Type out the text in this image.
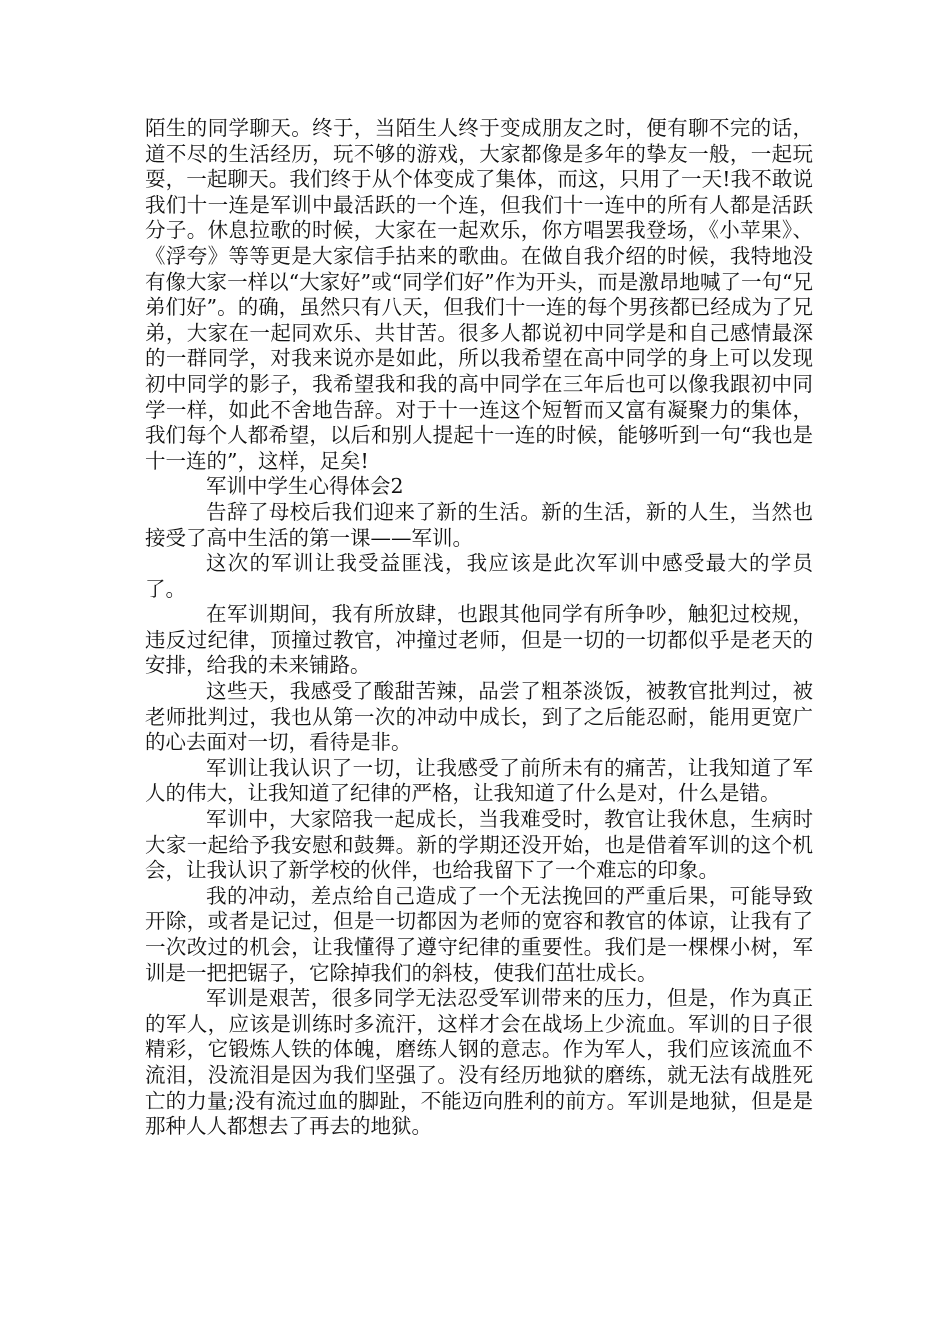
陌生的同学聊天。终于，当陌生人终于变成朋友之时，便有聊不完的话，道不尽的生活经历，玩不够的游戏，大家都像是多年的挚友一般，一起玩耍，一起聊天。我们终于从个体变成了集体，而这，只用了一天!我不敢说我们十一连是军训中最活跃的一个连，但我们十一连中的所有人都是活跃分子。休息拉歌的时候，大家在一起欢乐，你方唱罢我登场，《小苹果》、《浮夸》等等更是大家信手拈来的歌曲。在做自我介绍的时候，我特地没有像大家一样以“大家好”或“同学们好”作为开头，而是激昂地喊了一句“兄弟们好”。的确，虽然只有八天，但我们十一连的每个男孩都已经成为了兄弟，大家在一起同欢乐、共甘苦。很多人都说初中同学是和自己感情最深的一群同学，对我来说亦是如此，所以我希望在高中同学的身上可以发现初中同学的影子，我希望我和我的高中同学在三年后也可以像我跟初中同学一样，如此不舍地告辞。对于十一连这个短暂而又富有凝聚力的集体，我们每个人都希望，以后和别人提起十一连的时候，能够听到一句“我也是十一连的”，这样，足矣!

军训中学生心得体会2

告辞了母校后我们迎来了新的生活。新的生活，新的人生，当然也接受了高中生活的第一课——军训。

这次的军训让我受益匪浅，我应该是此次军训中感受最大的学员了。

在军训期间，我有所放肆，也跟其他同学有所争吵，触犯过校规，违反过纪律，顶撞过教官，冲撞过老师，但是一切的一切都似乎是老天的安排，给我的未来铺路。

这些天，我感受了酸甜苦辣，品尝了粗茶淡饭，被教官批判过，被老师批判过，我也从第一次的冲动中成长，到了之后能忍耐，能用更宽广的心去面对一切，看待是非。

军训让我认识了一切，让我感受了前所未有的痛苦，让我知道了军人的伟大，让我知道了纪律的严格，让我知道了什么是对，什么是错。

军训中，大家陪我一起成长，当我难受时，教官让我休息，生病时大家一起给予我安慰和鼓舞。新的学期还没开始，也是借着军训的这个机会，让我认识了新学校的伙伴，也给我留下了一个难忘的印象。

我的冲动，差点给自己造成了一个无法挽回的严重后果，可能导致开除，或者是记过，但是一切都因为老师的宽容和教官的体谅，让我有了一次改过的机会，让我懂得了遵守纪律的重要性。我们是一棵棵小树，军训是一把把锯子，它除掉我们的斜枝，使我们茁壮成长。

军训是艰苦，很多同学无法忍受军训带来的压力，但是，作为真正的军人，应该是训练时多流汗，这样才会在战场上少流血。军训的日子很精彩，它锻炼人铁的体魄，磨练人钢的意志。作为军人，我们应该流血不流泪，没流泪是因为我们坚强了。没有经历地狱的磨练，就无法有战胜死亡的力量;没有流过血的脚趾，不能迈向胜利的前方。军训是地狱，但是是那种人人都想去了再去的地狱。
